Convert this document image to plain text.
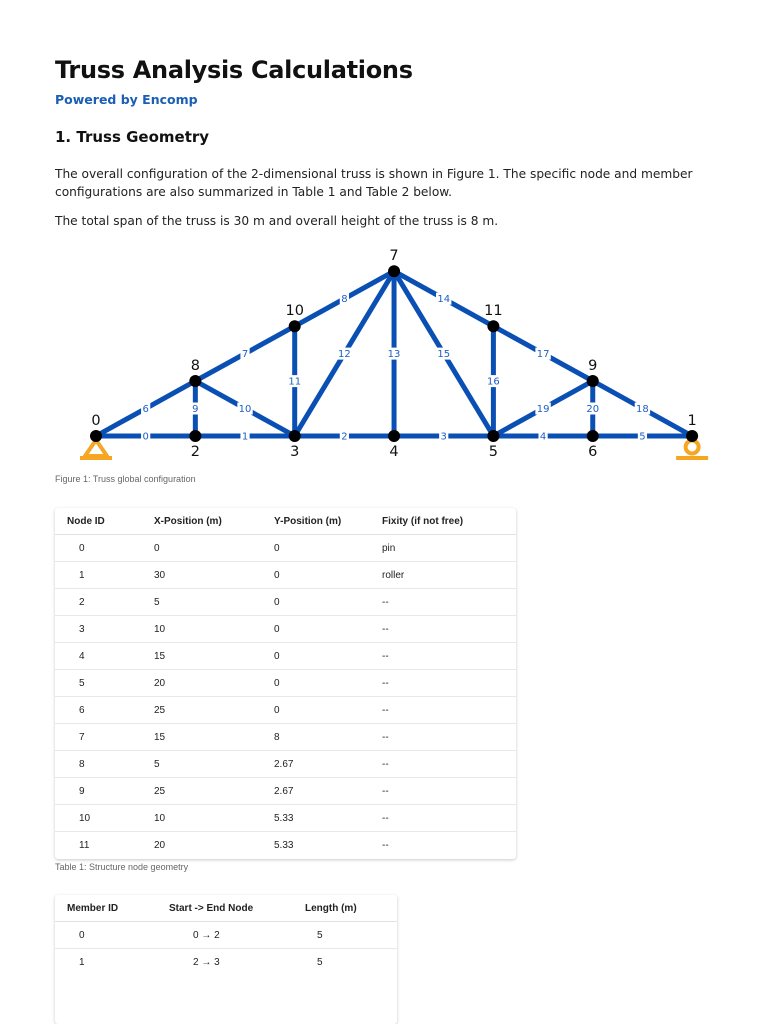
Truss Analysis Calculations
Powered by Encomp
1. Truss Geometry

The overall configuration of the 2-dimensional truss is shown in Figure 1. The specific node and member configurations are also summarized in Table 1 and Table 2 below.

The total span of the truss is 30 m and overall height of the truss is 8 m.

0	1	2	3	4	5
6
7
8
9	10
11
12	13
14
15
16
17
18
19	20
0	1
2	3	4	5	6
7
8	9
10	11
Figure 1: Truss global configuration
Node ID	X-Position (m)	Y-Position (m)	Fixity (if not free)
0	0	0	pin
1	30	0	roller
2	5	0	--
3	10	0	--
4	15	0	--
5	20	0	--
6	25	0	--
7	15	8	--
8	5	2.67	--
9	25	2.67	--
10	10	5.33	--
11	20	5.33	--
Table 1: Structure node geometry
Member ID	Start -> End Node	Length (m)
0	0 → 2	5
1	2 → 3	5
